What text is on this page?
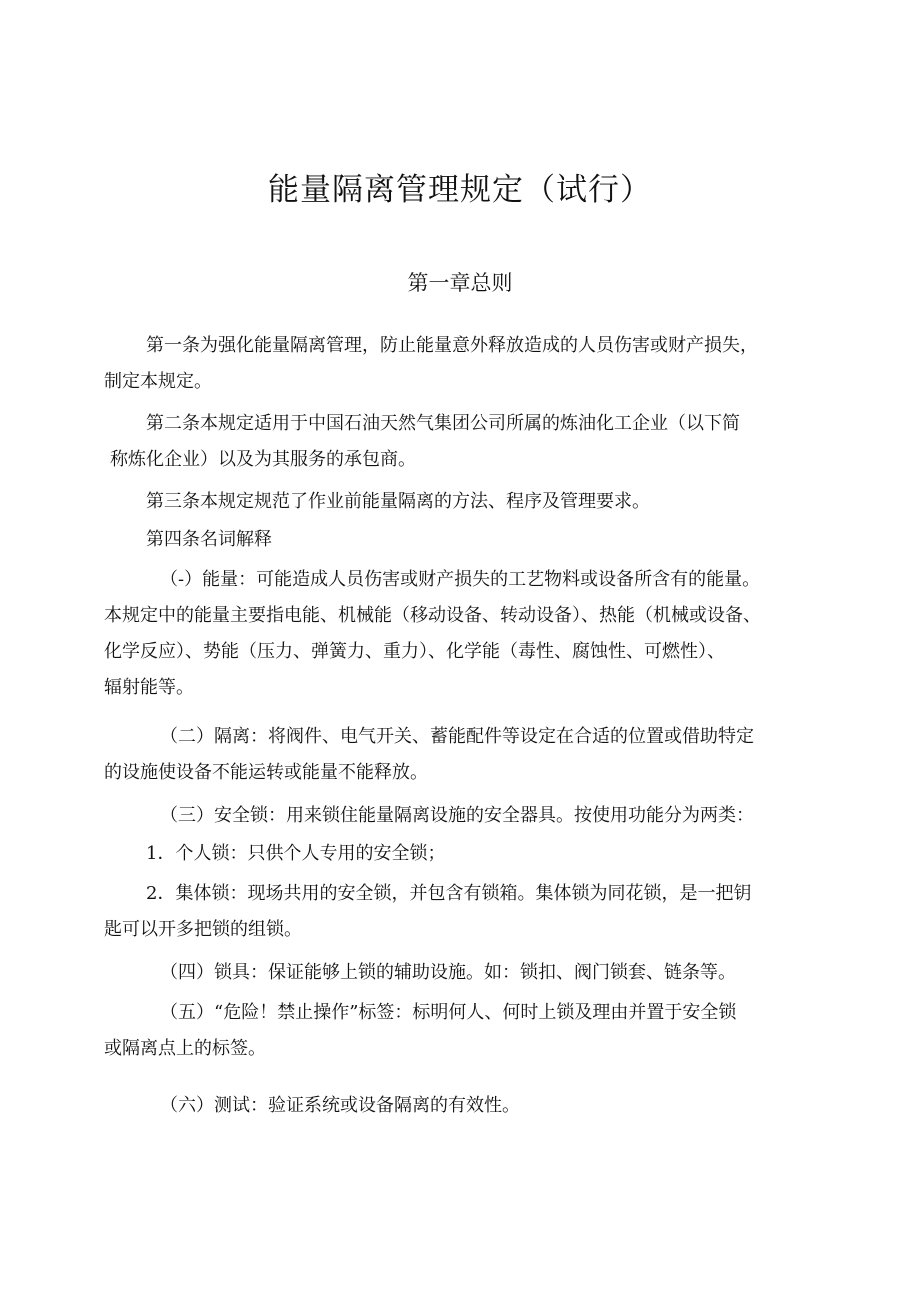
能量隔离管理规定（试行）
第一章总则
第一条为强化能量隔离管理，防止能量意外释放造成的人员伤害或财产损失，
制定本规定。
第二条本规定适用于中国石油天然气集团公司所属的炼油化工企业（以下简
称炼化企业）以及为其服务的承包商。
第三条本规定规范了作业前能量隔离的方法、程序及管理要求。
第四条名词解释
（-）能量：可能造成人员伤害或财产损失的工艺物料或设备所含有的能量。
本规定中的能量主要指电能、机械能（移动设备、转动设备）、热能（机械或设备、
化学反应）、势能（压力、弹簧力、重力）、化学能（毒性、腐蚀性、可燃性）、
辐射能等。
（二）隔离：将阀件、电气开关、蓄能配件等设定在合适的位置或借助特定
的设施使设备不能运转或能量不能释放。
（三）安全锁：用来锁住能量隔离设施的安全器具。按使用功能分为两类：
1．个人锁：只供个人专用的安全锁；
2．集体锁：现场共用的安全锁，并包含有锁箱。集体锁为同花锁，是一把钥
匙可以开多把锁的组锁。
（四）锁具：保证能够上锁的辅助设施。如：锁扣、阀门锁套、链条等。
（五）“危险！禁止操作”标签：标明何人、何时上锁及理由并置于安全锁
或隔离点上的标签。
（六）测试：验证系统或设备隔离的有效性。
